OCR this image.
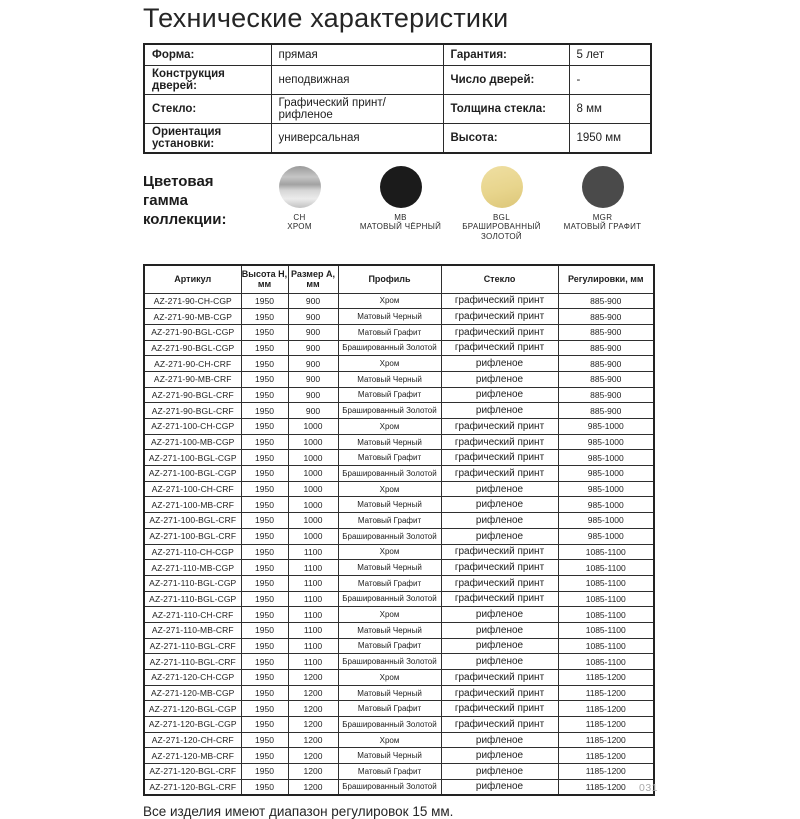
Технические характеристики
Форма:	прямая	Гарантия:	5 лет
Конструкция дверей:	неподвижная	Число дверей:	-
Стекло:	Графический принт/рифленое	Толщина стекла:	8 мм
Ориентация установки:	универсальная	Высота:	1950 мм
Цветовая гамма коллекции:	CH
ХРОМ
MB
МАТОВЫЙ ЧЁРНЫЙ
BGL
БРАШИРОВАННЫЙ ЗОЛОТОЙ
MGR
МАТОВЫЙ ГРАФИТ
Артикул	Высота H, мм	Размер A, мм	Профиль	Стекло	Регулировки, мм
AZ-271-90-CH-CGP	1950	900	Хром	графический принт	885-900
AZ-271-90-MB-CGP	1950	900	Матовый Черный	графический принт	885-900
AZ-271-90-BGL-CGP	1950	900	Матовый Графит	графический принт	885-900
AZ-271-90-BGL-CGP	1950	900	Брашированный Золотой	графический принт	885-900
AZ-271-90-CH-CRF	1950	900	Хром	рифленое	885-900
AZ-271-90-MB-CRF	1950	900	Матовый Черный	рифленое	885-900
AZ-271-90-BGL-CRF	1950	900	Матовый Графит	рифленое	885-900
AZ-271-90-BGL-CRF	1950	900	Брашированный Золотой	рифленое	885-900
AZ-271-100-CH-CGP	1950	1000	Хром	графический принт	985-1000
AZ-271-100-MB-CGP	1950	1000	Матовый Черный	графический принт	985-1000
AZ-271-100-BGL-CGP	1950	1000	Матовый Графит	графический принт	985-1000
AZ-271-100-BGL-CGP	1950	1000	Брашированный Золотой	графический принт	985-1000
AZ-271-100-CH-CRF	1950	1000	Хром	рифленое	985-1000
AZ-271-100-MB-CRF	1950	1000	Матовый Черный	рифленое	985-1000
AZ-271-100-BGL-CRF	1950	1000	Матовый Графит	рифленое	985-1000
AZ-271-100-BGL-CRF	1950	1000	Брашированный Золотой	рифленое	985-1000
AZ-271-110-CH-CGP	1950	1100	Хром	графический принт	1085-1100
AZ-271-110-MB-CGP	1950	1100	Матовый Черный	графический принт	1085-1100
AZ-271-110-BGL-CGP	1950	1100	Матовый Графит	графический принт	1085-1100
AZ-271-110-BGL-CGP	1950	1100	Брашированный Золотой	графический принт	1085-1100
AZ-271-110-CH-CRF	1950	1100	Хром	рифленое	1085-1100
AZ-271-110-MB-CRF	1950	1100	Матовый Черный	рифленое	1085-1100
AZ-271-110-BGL-CRF	1950	1100	Матовый Графит	рифленое	1085-1100
AZ-271-110-BGL-CRF	1950	1100	Брашированный Золотой	рифленое	1085-1100
AZ-271-120-CH-CGP	1950	1200	Хром	графический принт	1185-1200
AZ-271-120-MB-CGP	1950	1200	Матовый Черный	графический принт	1185-1200
AZ-271-120-BGL-CGP	1950	1200	Матовый Графит	графический принт	1185-1200
AZ-271-120-BGL-CGP	1950	1200	Брашированный Золотой	графический принт	1185-1200
AZ-271-120-CH-CRF	1950	1200	Хром	рифленое	1185-1200
AZ-271-120-MB-CRF	1950	1200	Матовый Черный	рифленое	1185-1200
AZ-271-120-BGL-CRF	1950	1200	Матовый Графит	рифленое	1185-1200
AZ-271-120-BGL-CRF	1950	1200	Брашированный Золотой	рифленое	1185-1200
Все изделия имеют диапазон регулировок 15 мм.
031
